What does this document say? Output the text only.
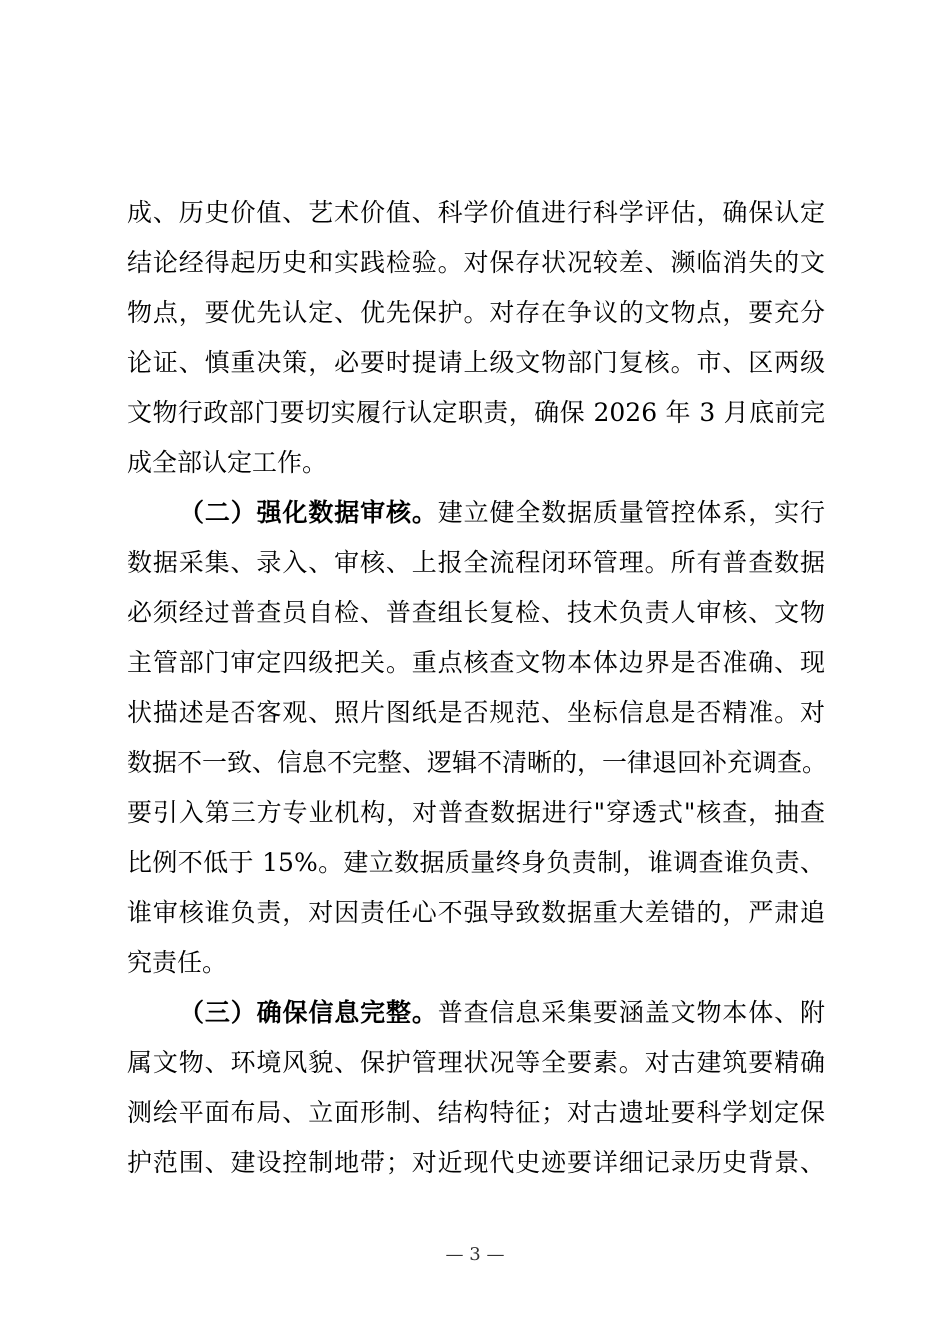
成、历史价值、艺术价值、科学价值进行科学评估，确保认定
结论经得起历史和实践检验。对保存状况较差、濒临消失的文
物点，要优先认定、优先保护。对存在争议的文物点，要充分
论证、慎重决策，必要时提请上级文物部门复核。市、区两级
文物行政部门要切实履行认定职责，确保 2026 年 3 月底前完
成全部认定工作。
（二）强化数据审核。建立健全数据质量管控体系，实行
数据采集、录入、审核、上报全流程闭环管理。所有普查数据
必须经过普查员自检、普查组长复检、技术负责人审核、文物
主管部门审定四级把关。重点核查文物本体边界是否准确、现
状描述是否客观、照片图纸是否规范、坐标信息是否精准。对
数据不一致、信息不完整、逻辑不清晰的，一律退回补充调查。
要引入第三方专业机构，对普查数据进行"穿透式"核查，抽查
比例不低于 15%。建立数据质量终身负责制，谁调查谁负责、
谁审核谁负责，对因责任心不强导致数据重大差错的，严肃追
究责任。
（三）确保信息完整。普查信息采集要涵盖文物本体、附
属文物、环境风貌、保护管理状况等全要素。对古建筑要精确
测绘平面布局、立面形制、结构特征；对古遗址要科学划定保
护范围、建设控制地带；对近现代史迹要详细记录历史背景、
— 3 —
